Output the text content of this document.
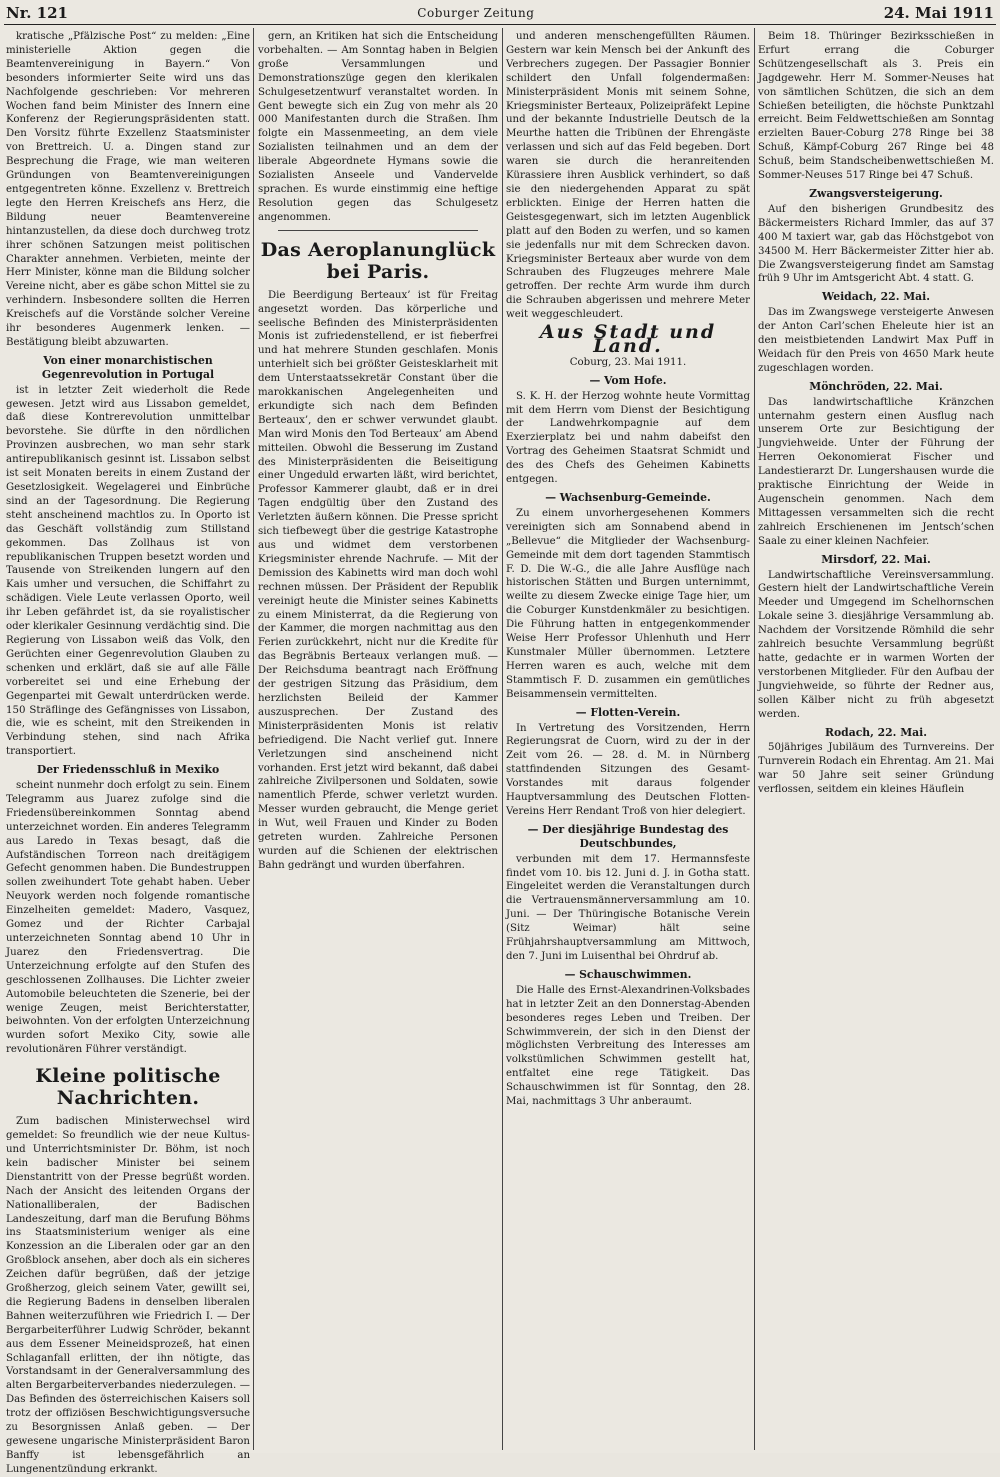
Nr. 121	Coburger Zeitung	24. Mai 1911

kratische „Pfälzische Post“ zu melden: „Eine ministerielle Aktion gegen die Beamtenvereinigung in Bayern.“ Von besonders informierter Seite wird uns das Nachfolgende geschrieben: Vor mehreren Wochen fand beim Minister des Innern eine Konferenz der Regierungspräsidenten statt. Den Vorsitz führte Exzellenz Staatsminister von Brettreich. U. a. Dingen stand zur Besprechung die Frage, wie man weiteren Gründungen von Beamtenvereinigungen entgegentreten könne. Exzellenz v. Brettreich legte den Herren Kreischefs ans Herz, die Bildung neuer Beamtenvereine hintanzustellen, da diese doch durchweg trotz ihrer schönen Satzungen meist politischen Charakter annehmen. Verbieten, meinte der Herr Minister, könne man die Bildung solcher Vereine nicht, aber es gäbe schon Mittel sie zu verhindern. Insbesondere sollten die Herren Kreischefs auf die Vorstände solcher Vereine ihr besonderes Augenmerk lenken. — Bestätigung bleibt abzuwarten.

Von einer monarchistischen Gegenrevolution in Portugal

ist in letzter Zeit wiederholt die Rede gewesen. Jetzt wird aus Lissabon gemeldet, daß diese Kontrerevolution unmittelbar bevorstehe. Sie dürfte in den nördlichen Provinzen ausbrechen, wo man sehr stark antirepublikanisch gesinnt ist. Lissabon selbst ist seit Monaten bereits in einem Zustand der Gesetzlosigkeit. Wegelagerei und Einbrüche sind an der Tagesordnung. Die Regierung steht anscheinend machtlos zu. In Oporto ist das Geschäft vollständig zum Stillstand gekommen. Das Zollhaus ist von republikanischen Truppen besetzt worden und Tausende von Streikenden lungern auf den Kais umher und versuchen, die Schiffahrt zu schädigen. Viele Leute verlassen Oporto, weil ihr Leben gefährdet ist, da sie royalistischer oder klerikaler Gesinnung verdächtig sind. Die Regierung von Lissabon weiß das Volk, den Gerüchten einer Gegenrevolution Glauben zu schenken und erklärt, daß sie auf alle Fälle vorbereitet sei und eine Erhebung der Gegenpartei mit Gewalt unterdrücken werde. 150 Sträflinge des Gefängnisses von Lissabon, die, wie es scheint, mit den Streikenden in Verbindung stehen, sind nach Afrika transportiert.

Der Friedensschluß in Mexiko

scheint nunmehr doch erfolgt zu sein. Einem Telegramm aus Juarez zufolge sind die Friedensübereinkommen Sonntag abend unterzeichnet worden. Ein anderes Telegramm aus Laredo in Texas besagt, daß die Aufständischen Torreon nach dreitägigem Gefecht genommen haben. Die Bundestruppen sollen zweihundert Tote gehabt haben. Ueber Neuyork werden noch folgende romantische Einzelheiten gemeldet: Madero, Vasquez, Gomez und der Richter Carbajal unterzeichneten Sonntag abend 10 Uhr in Juarez den Friedensvertrag. Die Unterzeichnung erfolgte auf den Stufen des geschlossenen Zollhauses. Die Lichter zweier Automobile beleuchteten die Szenerie, bei der wenige Zeugen, meist Berichterstatter, beiwohnten. Von der erfolgten Unterzeichnung wurden sofort Mexiko City, sowie alle revolutionären Führer verständigt.

Kleine politische Nachrichten.

Zum badischen Ministerwechsel wird gemeldet: So freundlich wie der neue Kultus- und Unterrichtsminister Dr. Böhm, ist noch kein badischer Minister bei seinem Dienstantritt von der Presse begrüßt worden. Nach der Ansicht des leitenden Organs der Nationalliberalen, der Badischen Landeszeitung, darf man die Berufung Böhms ins Staatsministerium weniger als eine Konzession an die Liberalen oder gar an den Großblock ansehen, aber doch als ein sicheres Zeichen dafür begrüßen, daß der jetzige Großherzog, gleich seinem Vater, gewillt sei, die Regierung Badens in denselben liberalen Bahnen weiterzuführen wie Friedrich I. — Der Bergarbeiterführer Ludwig Schröder, bekannt aus dem Essener Meineidsprozeß, hat einen Schlaganfall erlitten, der ihn nötigte, das Vorstandsamt in der Generalversammlung des alten Bergarbeiterverbandes niederzulegen. — Das Befinden des österreichischen Kaisers soll trotz der offiziösen Beschwichtigungsversuche zu Besorgnissen Anlaß geben. — Der gewesene ungarische Ministerpräsident Baron Banffy ist lebensgefährlich an Lungenentzündung erkrankt.

gern, an Kritiken hat sich die Entscheidung vorbehalten. — Am Sonntag haben in Belgien große Versammlungen und Demonstrationszüge gegen den klerikalen Schulgesetzentwurf veranstaltet worden. In Gent bewegte sich ein Zug von mehr als 20 000 Manifestanten durch die Straßen. Ihm folgte ein Massenmeeting, an dem viele Sozialisten teilnahmen und an dem der liberale Abgeordnete Hymans sowie die Sozialisten Anseele und Vandervelde sprachen. Es wurde einstimmig eine heftige Resolution gegen das Schulgesetz angenommen.

Das Aeroplanunglück bei Paris.

Die Beerdigung Berteaux’ ist für Freitag angesetzt worden. Das körperliche und seelische Befinden des Ministerpräsidenten Monis ist zufriedenstellend, er ist fieberfrei und hat mehrere Stunden geschlafen. Monis unterhielt sich bei größter Geistesklarheit mit dem Unterstaatssekretär Constant über die marokkanischen Angelegenheiten und erkundigte sich nach dem Befinden Berteaux’, den er schwer verwundet glaubt. Man wird Monis den Tod Berteaux’ am Abend mitteilen. Obwohl die Besserung im Zustand des Ministerpräsidenten die Beiseitigung einer Ungeduld erwarten läßt, wird berichtet, Professor Kammerer glaubt, daß er in drei Tagen endgültig über den Zustand des Verletzten äußern können. Die Presse spricht sich tiefbewegt über die gestrige Katastrophe aus und widmet dem verstorbenen Kriegsminister ehrende Nachrufe. — Mit der Demission des Kabinetts wird man doch wohl rechnen müssen. Der Präsident der Republik vereinigt heute die Minister seines Kabinetts zu einem Ministerrat, da die Regierung von der Kammer, die morgen nachmittag aus den Ferien zurückkehrt, nicht nur die Kredite für das Begräbnis Berteaux verlangen muß. — Der Reichsduma beantragt nach Eröffnung der gestrigen Sitzung das Präsidium, dem herzlichsten Beileid der Kammer auszusprechen. Der Zustand des Ministerpräsidenten Monis ist relativ befriedigend. Die Nacht verlief gut. Innere Verletzungen sind anscheinend nicht vorhanden. Erst jetzt wird bekannt, daß dabei zahlreiche Zivilpersonen und Soldaten, sowie namentlich Pferde, schwer verletzt wurden. Messer wurden gebraucht, die Menge geriet in Wut, weil Frauen und Kinder zu Boden getreten wurden. Zahlreiche Personen wurden auf die Schienen der elektrischen Bahn gedrängt und wurden überfahren.

und anderen menschengefüllten Räumen. Gestern war kein Mensch bei der Ankunft des Verbrechers zugegen. Der Passagier Bonnier schildert den Unfall folgendermaßen: Ministerpräsident Monis mit seinem Sohne, Kriegsminister Berteaux, Polizeipräfekt Lepine und der bekannte Industrielle Deutsch de la Meurthe hatten die Tribünen der Ehrengäste verlassen und sich auf das Feld begeben. Dort waren sie durch die heranreitenden Kürassiere ihren Ausblick verhindert, so daß sie den niedergehenden Apparat zu spät erblickten. Einige der Herren hatten die Geistesgegenwart, sich im letzten Augenblick platt auf den Boden zu werfen, und so kamen sie jedenfalls nur mit dem Schrecken davon. Kriegsminister Berteaux aber wurde von dem Schrauben des Flugzeuges mehrere Male getroffen. Der rechte Arm wurde ihm durch die Schrauben abgerissen und mehrere Meter weit weggeschleudert.

Aus Stadt und Land.
Coburg, 23. Mai 1911.
— Vom Hofe.

S. K. H. der Herzog wohnte heute Vormittag mit dem Herrn vom Dienst der Besichtigung der Landwehrkompagnie auf dem Exerzierplatz bei und nahm dabeifst den Vortrag des Geheimen Staatsrat Schmidt und des des Chefs des Geheimen Kabinetts entgegen.

— Wachsenburg-Gemeinde.

Zu einem unvorhergesehenen Kommers vereinigten sich am Sonnabend abend in „Bellevue“ die Mitglieder der Wachsenburg-Gemeinde mit dem dort tagenden Stammtisch F. D. Die W.-G., die alle Jahre Ausflüge nach historischen Stätten und Burgen unternimmt, weilte zu diesem Zwecke einige Tage hier, um die Coburger Kunstdenkmäler zu besichtigen. Die Führung hatten in entgegenkommender Weise Herr Professor Uhlenhuth und Herr Kunstmaler Müller übernommen. Letztere Herren waren es auch, welche mit dem Stammtisch F. D. zusammen ein gemütliches Beisammensein vermittelten.

— Flotten-Verein.

In Vertretung des Vorsitzenden, Herrn Regierungsrat de Cuorn, wird zu der in der Zeit vom 26. — 28. d. M. in Nürnberg stattfindenden Sitzungen des Gesamt-Vorstandes mit daraus folgender Hauptversammlung des Deutschen Flotten-Vereins Herr Rendant Troß von hier delegiert.

— Der diesjährige Bundestag des Deutschbundes,

verbunden mit dem 17. Hermannsfeste findet vom 10. bis 12. Juni d. J. in Gotha statt. Eingeleitet werden die Veranstaltungen durch die Vertrauensmännerversammlung am 10. Juni. — Der Thüringische Botanische Verein (Sitz Weimar) hält seine Frühjahrshauptversammlung am Mittwoch, den 7. Juni im Luisenthal bei Ohrdruf ab.

— Schauschwimmen.

Die Halle des Ernst-Alexandrinen-Volksbades hat in letzter Zeit an den Donnerstag-Abenden besonderes reges Leben und Treiben. Der Schwimmverein, der sich in den Dienst der möglichsten Verbreitung des Interesses am volkstümlichen Schwimmen gestellt hat, entfaltet eine rege Tätigkeit. Das Schauschwimmen ist für Sonntag, den 28. Mai, nachmittags 3 Uhr anberaumt.

Beim 18. Thüringer Bezirksschießen in Erfurt errang die Coburger Schützengesellschaft als 3. Preis ein Jagdgewehr. Herr M. Sommer-Neuses hat von sämtlichen Schützen, die sich an dem Schießen beteiligten, die höchste Punktzahl erreicht. Beim Feldwettschießen am Sonntag erzielten Bauer-Coburg 278 Ringe bei 38 Schuß, Kämpf-Coburg 267 Ringe bei 48 Schuß, beim Standscheibenwettschießen M. Sommer-Neuses 517 Ringe bei 47 Schuß.

Zwangsversteigerung.

Auf den bisherigen Grundbesitz des Bäckermeisters Richard Immler, das auf 37 400 M taxiert war, gab das Höchstgebot von 34500 M. Herr Bäckermeister Zitter hier ab. Die Zwangsversteigerung findet am Samstag früh 9 Uhr im Amtsgericht Abt. 4 statt. G.

Weidach, 22. Mai.

Das im Zwangswege versteigerte Anwesen der Anton Carl’schen Eheleute hier ist an den meistbietenden Landwirt Max Puff in Weidach für den Preis von 4650 Mark heute zugeschlagen worden.

Mönchröden, 22. Mai.

Das landwirtschaftliche Kränzchen unternahm gestern einen Ausflug nach unserem Orte zur Besichtigung der Jungviehweide. Unter der Führung der Herren Oekonomierat Fischer und Landestierarzt Dr. Lungershausen wurde die praktische Einrichtung der Weide in Augenschein genommen. Nach dem Mittagessen versammelten sich die recht zahlreich Erschienenen im Jentsch’schen Saale zu einer kleinen Nachfeier.

Mirsdorf, 22. Mai.

Landwirtschaftliche Vereinsversammlung. Gestern hielt der Landwirtschaftliche Verein Meeder und Umgegend im Schelhornschen Lokale seine 3. diesjährige Versammlung ab. Nachdem der Vorsitzende Römhild die sehr zahlreich besuchte Versammlung begrüßt hatte, gedachte er in warmen Worten der verstorbenen Mitglieder. Für den Aufbau der Jungviehweide, so führte der Redner aus, sollen Kälber nicht zu früh abgesetzt werden.

Rodach, 22. Mai.

50jähriges Jubiläum des Turnvereins. Der Turnverein Rodach ein Ehrentag. Am 21. Mai war 50 Jahre seit seiner Gründung verflossen, seitdem ein kleines Häuflein
